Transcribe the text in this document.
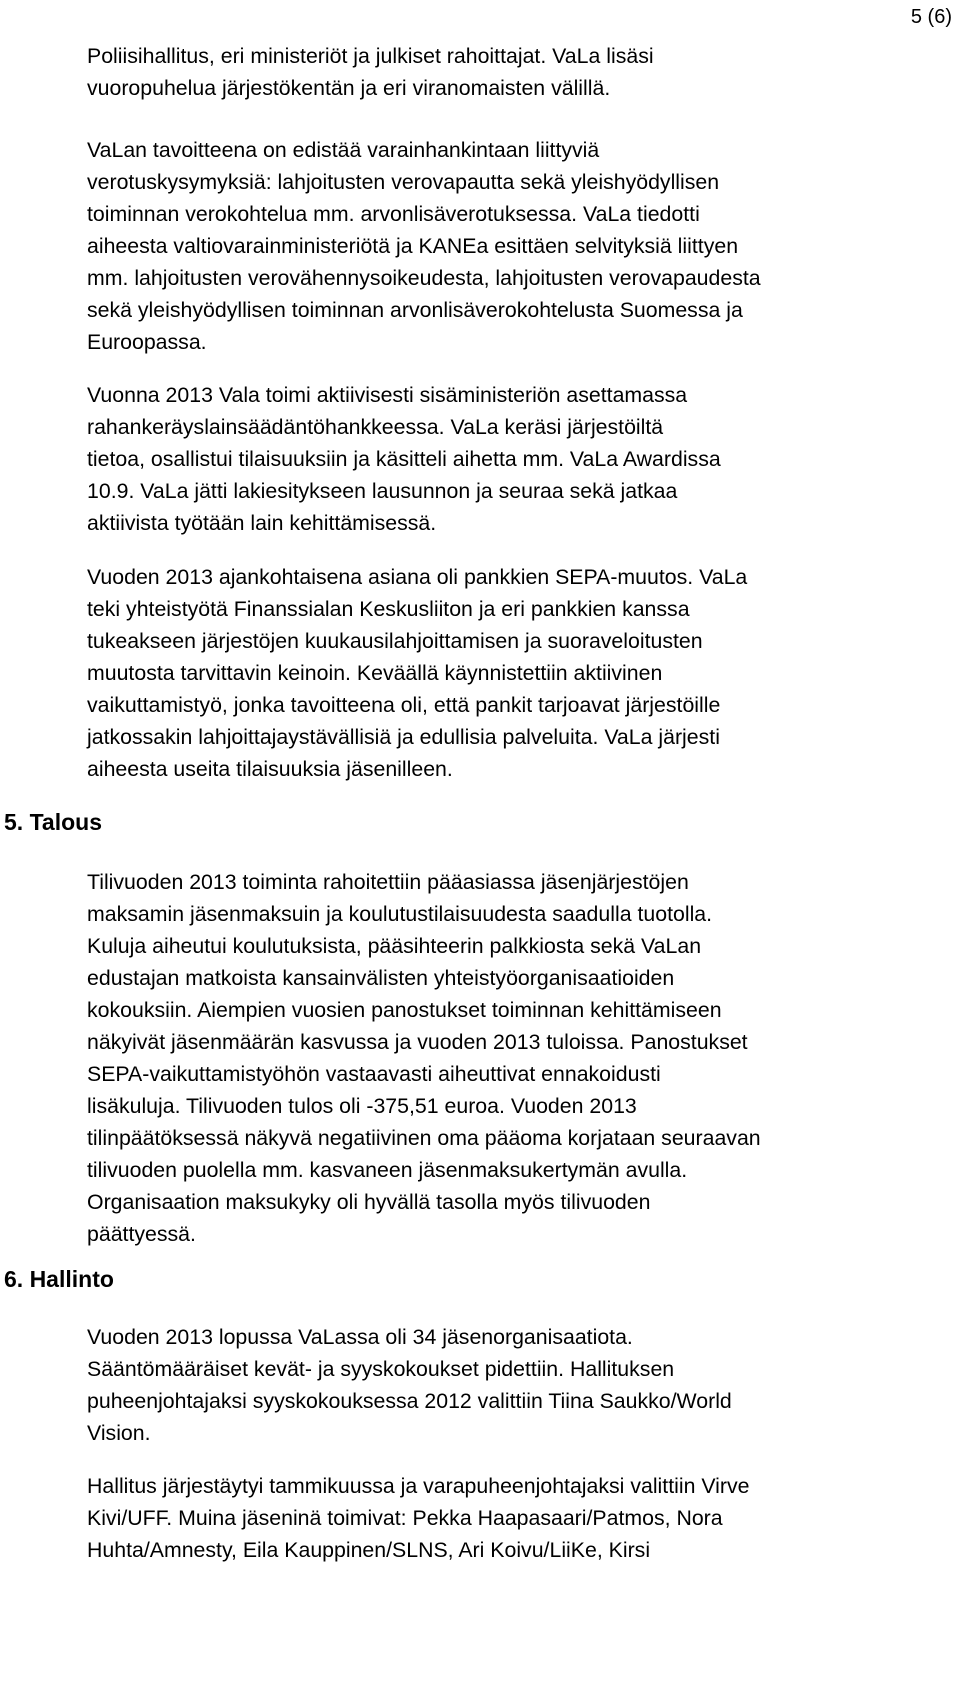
5 (6)
5. Talous
6. Hallinto
Poliisihallitus, eri ministeriöt ja julkiset rahoittajat. VaLa lisäsi
vuoropuhelua järjestökentän ja eri viranomaisten välillä.
VaLan tavoitteena on edistää varainhankintaan liittyviä
verotuskysymyksiä: lahjoitusten verovapautta sekä yleishyödyllisen
toiminnan verokohtelua mm. arvonlisäverotuksessa. VaLa tiedotti
aiheesta valtiovarainministeriötä ja KANEa esittäen selvityksiä liittyen
mm. lahjoitusten verovähennysoikeudesta, lahjoitusten verovapaudesta
sekä yleishyödyllisen toiminnan arvonlisäverokohtelusta Suomessa ja
Euroopassa.
Vuonna 2013 Vala toimi aktiivisesti sisäministeriön asettamassa
rahankeräyslainsäädäntöhankkeessa. VaLa keräsi järjestöiltä
tietoa, osallistui tilaisuuksiin ja käsitteli aihetta mm. VaLa Awardissa
10.9. VaLa jätti lakiesitykseen lausunnon ja seuraa sekä jatkaa
aktiivista työtään lain kehittämisessä.
Vuoden 2013 ajankohtaisena asiana oli pankkien SEPA-muutos. VaLa
teki yhteistyötä Finanssialan Keskusliiton ja eri pankkien kanssa
tukeakseen järjestöjen kuukausilahjoittamisen ja suoraveloitusten
muutosta tarvittavin keinoin. Keväällä käynnistettiin aktiivinen
vaikuttamistyö, jonka tavoitteena oli, että pankit tarjoavat järjestöille
jatkossakin lahjoittajaystävällisiä ja edullisia palveluita. VaLa järjesti
aiheesta useita tilaisuuksia jäsenilleen.
Tilivuoden 2013 toiminta rahoitettiin pääasiassa jäsenjärjestöjen
maksamin jäsenmaksuin ja koulutustilaisuudesta saadulla tuotolla.
Kuluja aiheutui koulutuksista, pääsihteerin palkkiosta sekä VaLan
edustajan matkoista kansainvälisten yhteistyöorganisaatioiden
kokouksiin. Aiempien vuosien panostukset toiminnan kehittämiseen
näkyivät jäsenmäärän kasvussa ja vuoden 2013 tuloissa. Panostukset
SEPA-vaikuttamistyöhön vastaavasti aiheuttivat ennakoidusti
lisäkuluja. Tilivuoden tulos oli -375,51 euroa. Vuoden 2013
tilinpäätöksessä näkyvä negatiivinen oma pääoma korjataan seuraavan
tilivuoden puolella mm. kasvaneen jäsenmaksukertymän avulla.
Organisaation maksukyky oli hyvällä tasolla myös tilivuoden
päättyessä.
Vuoden 2013 lopussa VaLassa oli 34 jäsenorganisaatiota.
Sääntömääräiset kevät- ja syyskokoukset pidettiin. Hallituksen
puheenjohtajaksi syyskokouksessa 2012 valittiin Tiina Saukko/World
Vision.
Hallitus järjestäytyi tammikuussa ja varapuheenjohtajaksi valittiin Virve
Kivi/UFF. Muina jäseninä toimivat: Pekka Haapasaari/Patmos, Nora
Huhta/Amnesty, Eila Kauppinen/SLNS, Ari Koivu/LiiKe, Kirsi
